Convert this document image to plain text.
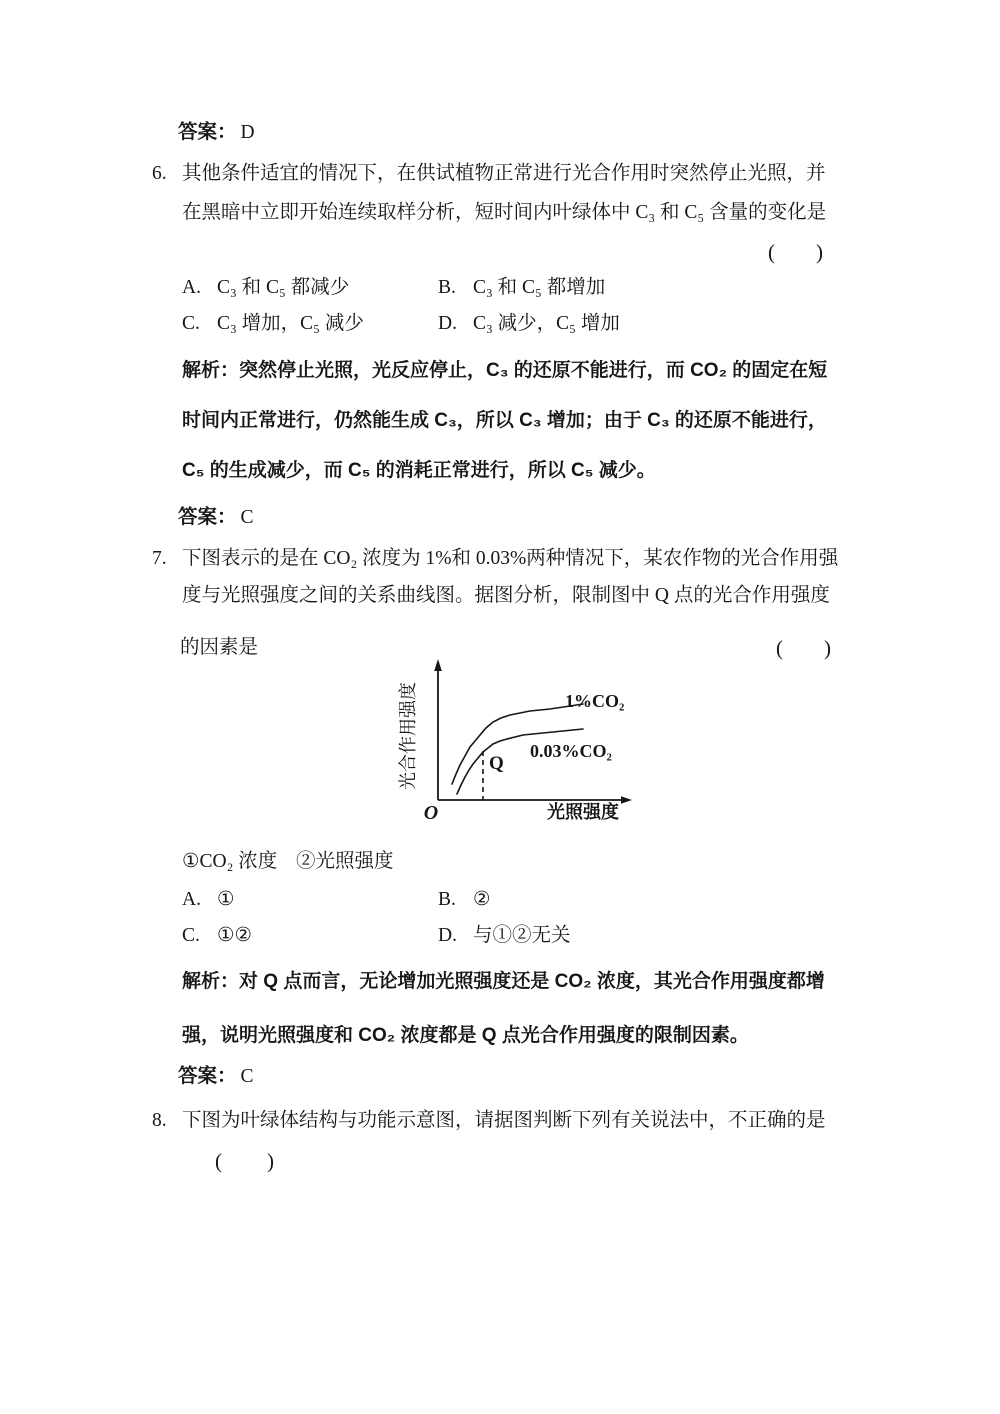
答案： D
6. 其他条件适宜的情况下，在供试植物正常进行光合作用时突然停止光照，并
在黑暗中立即开始连续取样分析，短时间内叶绿体中 C₃ 和 C₅ 含量的变化是
( )
A. C₃ 和 C₅ 都减少	B. C₃ 和 C₅ 都增加
C. C₃ 增加，C₅ 减少	D. C₃ 减少，C₅ 增加
解析：突然停止光照，光反应停止，C₃ 的还原不能进行，而 CO₂ 的固定在短
时间内正常进行，仍然能生成 C₃，所以 C₃ 增加；由于 C₃ 的还原不能进行，
C₅ 的生成减少，而 C₅ 的消耗正常进行，所以 C₅ 减少。
答案： C
7. 下图表示的是在 CO₂ 浓度为 1%和 0.03%两种情况下，某农作物的光合作用强
度与光照强度之间的关系曲线图。据图分析，限制图中 Q 点的光合作用强度
的因素是	( )
Q
O	光照强度
光合作用强度	1%CO₂
0.03%CO₂
①CO₂ 浓度 ②光照强度
A. ①	B. ②
C. ①②	D. 与①②无关
解析：对 Q 点而言，无论增加光照强度还是 CO₂ 浓度，其光合作用强度都增
强，说明光照强度和 CO₂ 浓度都是 Q 点光合作用强度的限制因素。
答案： C
8. 下图为叶绿体结构与功能示意图，请据图判断下列有关说法中，不正确的是
( )
